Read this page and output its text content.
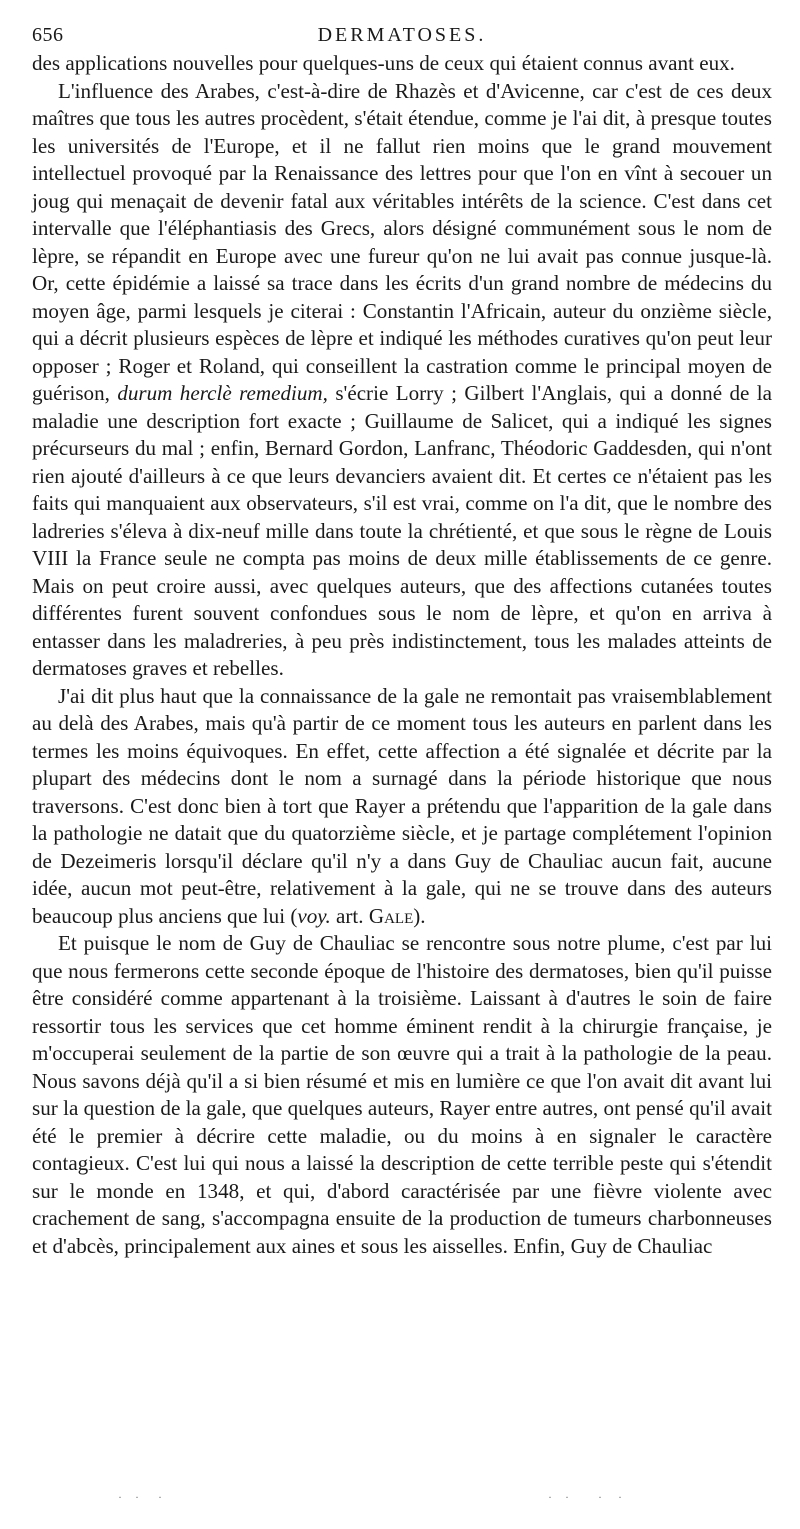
656	DERMATOSES.

des applications nouvelles pour quelques-uns de ceux qui étaient connus avant eux.

L'influence des Arabes, c'est-à-dire de Rhazès et d'Avicenne, car c'est de ces deux maîtres que tous les autres procèdent, s'était étendue, comme je l'ai dit, à presque toutes les universités de l'Europe, et il ne fallut rien moins que le grand mouvement intellectuel provoqué par la Renaissance des lettres pour que l'on en vînt à secouer un joug qui menaçait de devenir fatal aux véritables intérêts de la science. C'est dans cet intervalle que l'éléphantiasis des Grecs, alors désigné communément sous le nom de lèpre, se répandit en Europe avec une fureur qu'on ne lui avait pas connue jusque-là. Or, cette épidémie a laissé sa trace dans les écrits d'un grand nombre de médecins du moyen âge, parmi lesquels je citerai : Constantin l'Africain, auteur du onzième siècle, qui a décrit plusieurs espèces de lèpre et indiqué les méthodes curatives qu'on peut leur opposer ; Roger et Roland, qui conseillent la castration comme le principal moyen de guérison, durum herclè remedium, s'écrie Lorry ; Gilbert l'Anglais, qui a donné de la maladie une description fort exacte ; Guillaume de Salicet, qui a indiqué les signes précurseurs du mal ; enfin, Bernard Gordon, Lanfranc, Théodoric Gaddesden, qui n'ont rien ajouté d'ailleurs à ce que leurs devanciers avaient dit. Et certes ce n'étaient pas les faits qui manquaient aux observateurs, s'il est vrai, comme on l'a dit, que le nombre des ladreries s'éleva à dix-neuf mille dans toute la chrétienté, et que sous le règne de Louis VIII la France seule ne compta pas moins de deux mille établissements de ce genre. Mais on peut croire aussi, avec quelques auteurs, que des affections cutanées toutes différentes furent souvent confondues sous le nom de lèpre, et qu'on en arriva à entasser dans les maladreries, à peu près indistinctement, tous les malades atteints de dermatoses graves et rebelles.

J'ai dit plus haut que la connaissance de la gale ne remontait pas vraisemblablement au delà des Arabes, mais qu'à partir de ce moment tous les auteurs en parlent dans les termes les moins équivoques. En effet, cette affection a été signalée et décrite par la plupart des médecins dont le nom a surnagé dans la période historique que nous traversons. C'est donc bien à tort que Rayer a prétendu que l'apparition de la gale dans la pathologie ne datait que du quatorzième siècle, et je partage complétement l'opinion de Dezeimeris lorsqu'il déclare qu'il n'y a dans Guy de Chauliac aucun fait, aucune idée, aucun mot peut-être, relativement à la gale, qui ne se trouve dans des auteurs beaucoup plus anciens que lui (voy. art. Gale).

Et puisque le nom de Guy de Chauliac se rencontre sous notre plume, c'est par lui que nous fermerons cette seconde époque de l'histoire des dermatoses, bien qu'il puisse être considéré comme appartenant à la troisième. Laissant à d'autres le soin de faire ressortir tous les services que cet homme éminent rendit à la chirurgie française, je m'occuperai seulement de la partie de son œuvre qui a trait à la pathologie de la peau. Nous savons déjà qu'il a si bien résumé et mis en lumière ce que l'on avait dit avant lui sur la question de la gale, que quelques auteurs, Rayer entre autres, ont pensé qu'il avait été le premier à décrire cette maladie, ou du moins à en signaler le caractère contagieux. C'est lui qui nous a laissé la description de cette terrible peste qui s'étendit sur le monde en 1348, et qui, d'abord caractérisée par une fièvre violente avec crachement de sang, s'accompagna ensuite de la production de tumeurs charbonneuses et d'abcès, principalement aux aines et sous les aisselles. Enfin, Guy de Chauliac

· · ·	· · · ·
